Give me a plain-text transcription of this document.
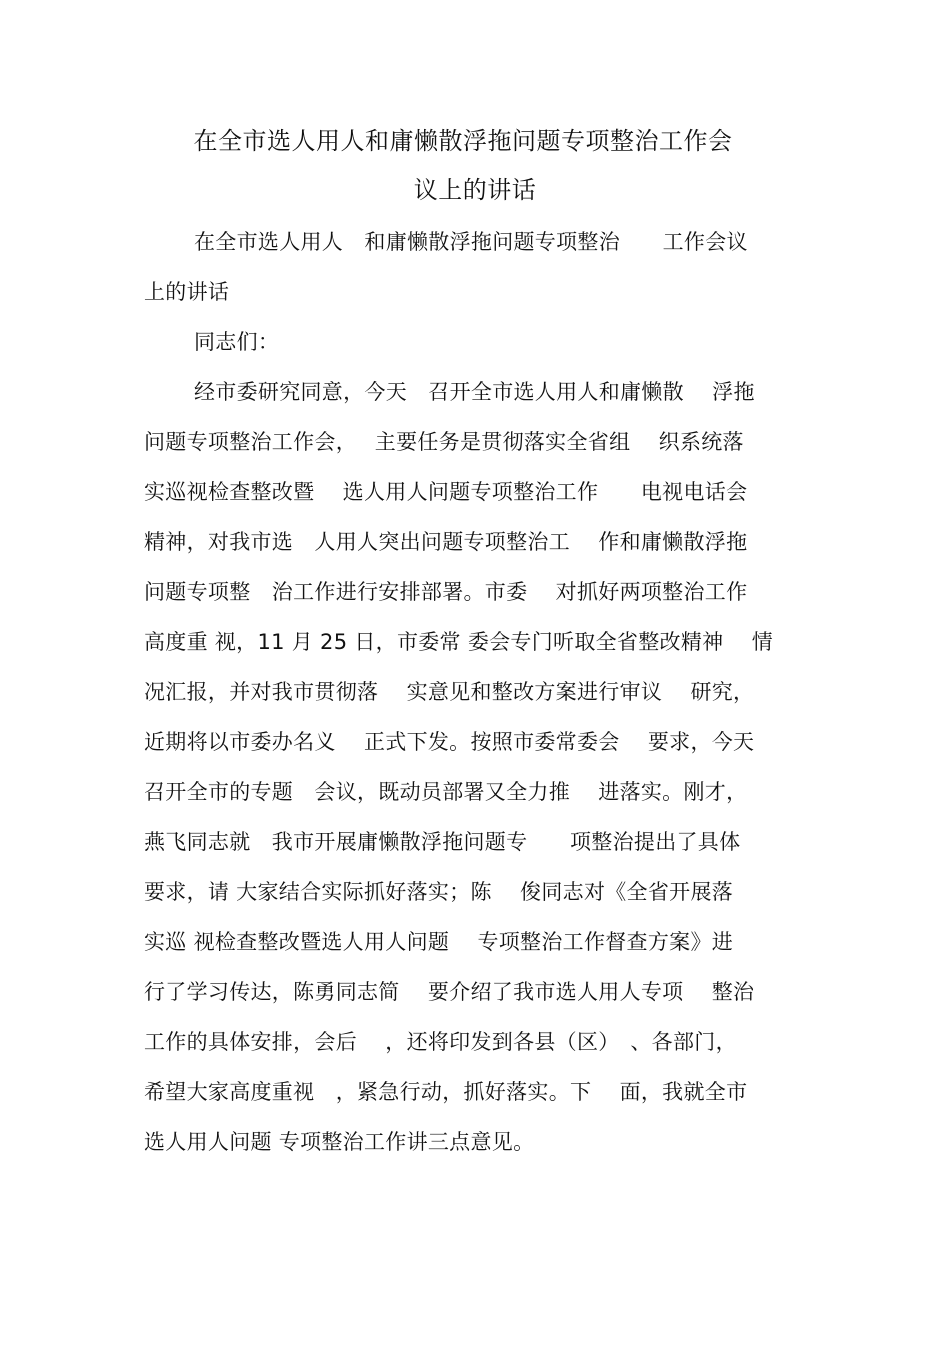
在全市选人用人和庸懒散浮拖问题专项整治工作会
议上的讲话
在全市选人用人　和庸懒散浮拖问题专项整治　　工作会议
上的讲话
同志们：
经市委研究同意，今天　召开全市选人用人和庸懒散　 浮拖
问题专项整治工作会，　 主要任务是贯彻落实全省组　 织系统落
实巡视检查整改暨　 选人用人问题专项整治工作　　电视电话会
精神，对我市选　人用人突出问题专项整治工　 作和庸懒散浮拖
问题专项整　治工作进行安排部署。市委　 对抓好两项整治工作
高度重 视，11 月 25 日，市委常 委会专门听取全省整改精神　 情
况汇报，并对我市贯彻落　 实意见和整改方案进行审议　 研究，
近期将以市委办名义　 正式下发。按照市委常委会　 要求，今天
召开全市的专题　会议，既动员部署又全力推　 进落实。刚才，
燕飞同志就　我市开展庸懒散浮拖问题专　　项整治提出了具体
要求，请 大家结合实际抓好落实；陈　 俊同志对《全省开展落
实巡 视检查整改暨选人用人问题　 专项整治工作督查方案》进
行了学习传达，陈勇同志简　 要介绍了我市选人用人专项　 整治
工作的具体安排，会后　 ，还将印发到各县（区）　、各部门，
希望大家高度重视　，紧急行动，抓好落实。下　 面，我就全市
选人用人问题 专项整治工作讲三点意见。
